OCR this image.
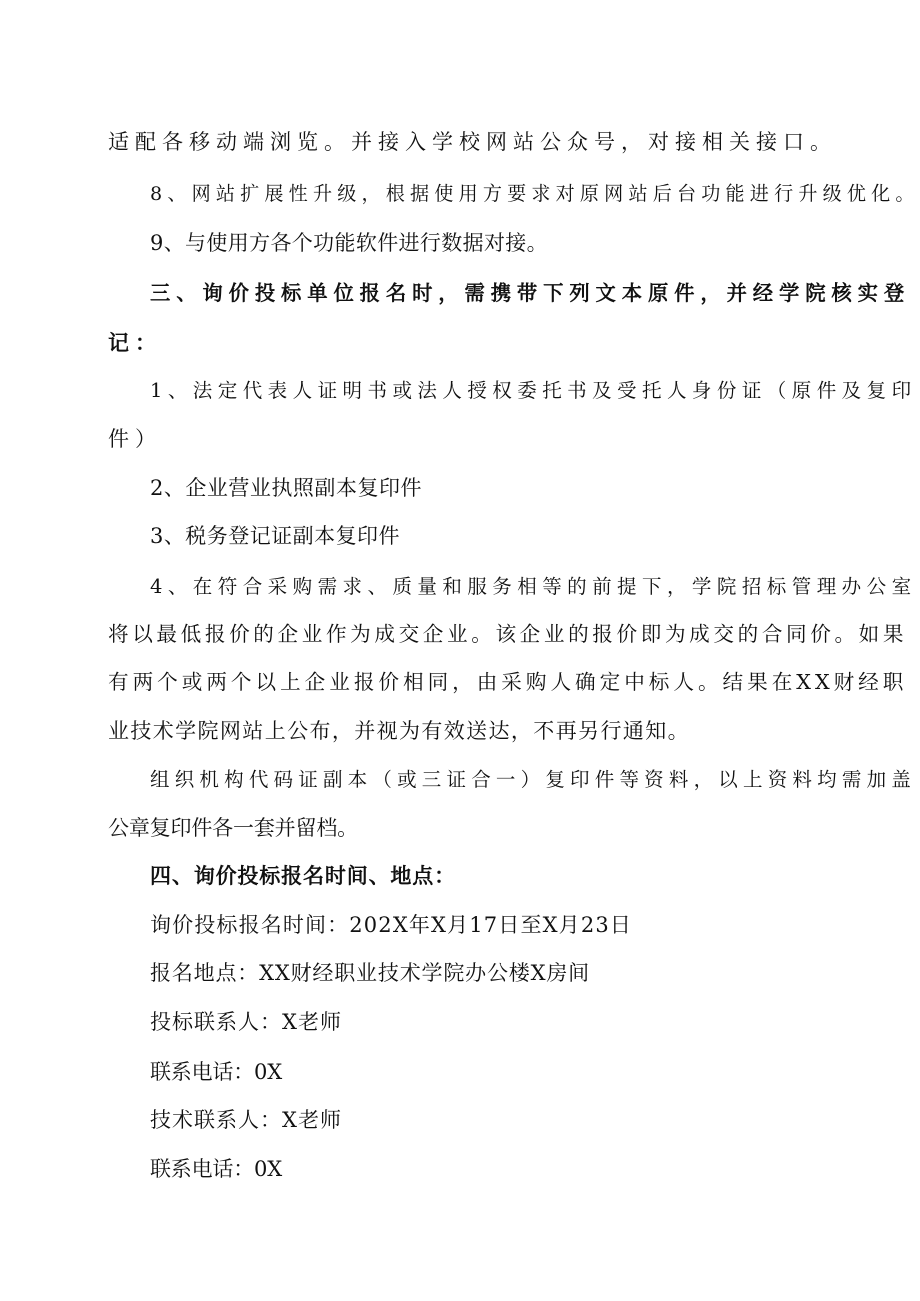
适配各移动端浏览。并接入学校网站公众号，对接相关接口。
8、网站扩展性升级，根据使用方要求对原网站后台功能进行升级优化。
9、与使用方各个功能软件进行数据对接。
三、询价投标单位报名时，需携带下列文本原件，并经学院核实登
记：
1、法定代表人证明书或法人授权委托书及受托人身份证（原件及复印
件）
2、企业营业执照副本复印件
3、税务登记证副本复印件
4、在符合采购需求、质量和服务相等的前提下，学院招标管理办公室
将以最低报价的企业作为成交企业。该企业的报价即为成交的合同价。如果
有两个或两个以上企业报价相同，由采购人确定中标人。结果在XX财经职
业技术学院网站上公布，并视为有效送达，不再另行通知。
组织机构代码证副本（或三证合一）复印件等资料，以上资料均需加盖
公章复印件各一套并留档。
四、询价投标报名时间、地点：
询价投标报名时间：202X年X月17日至X月23日
报名地点：XX财经职业技术学院办公楼X房间
投标联系人：X老师
联系电话：0X
技术联系人：X老师
联系电话：0X
